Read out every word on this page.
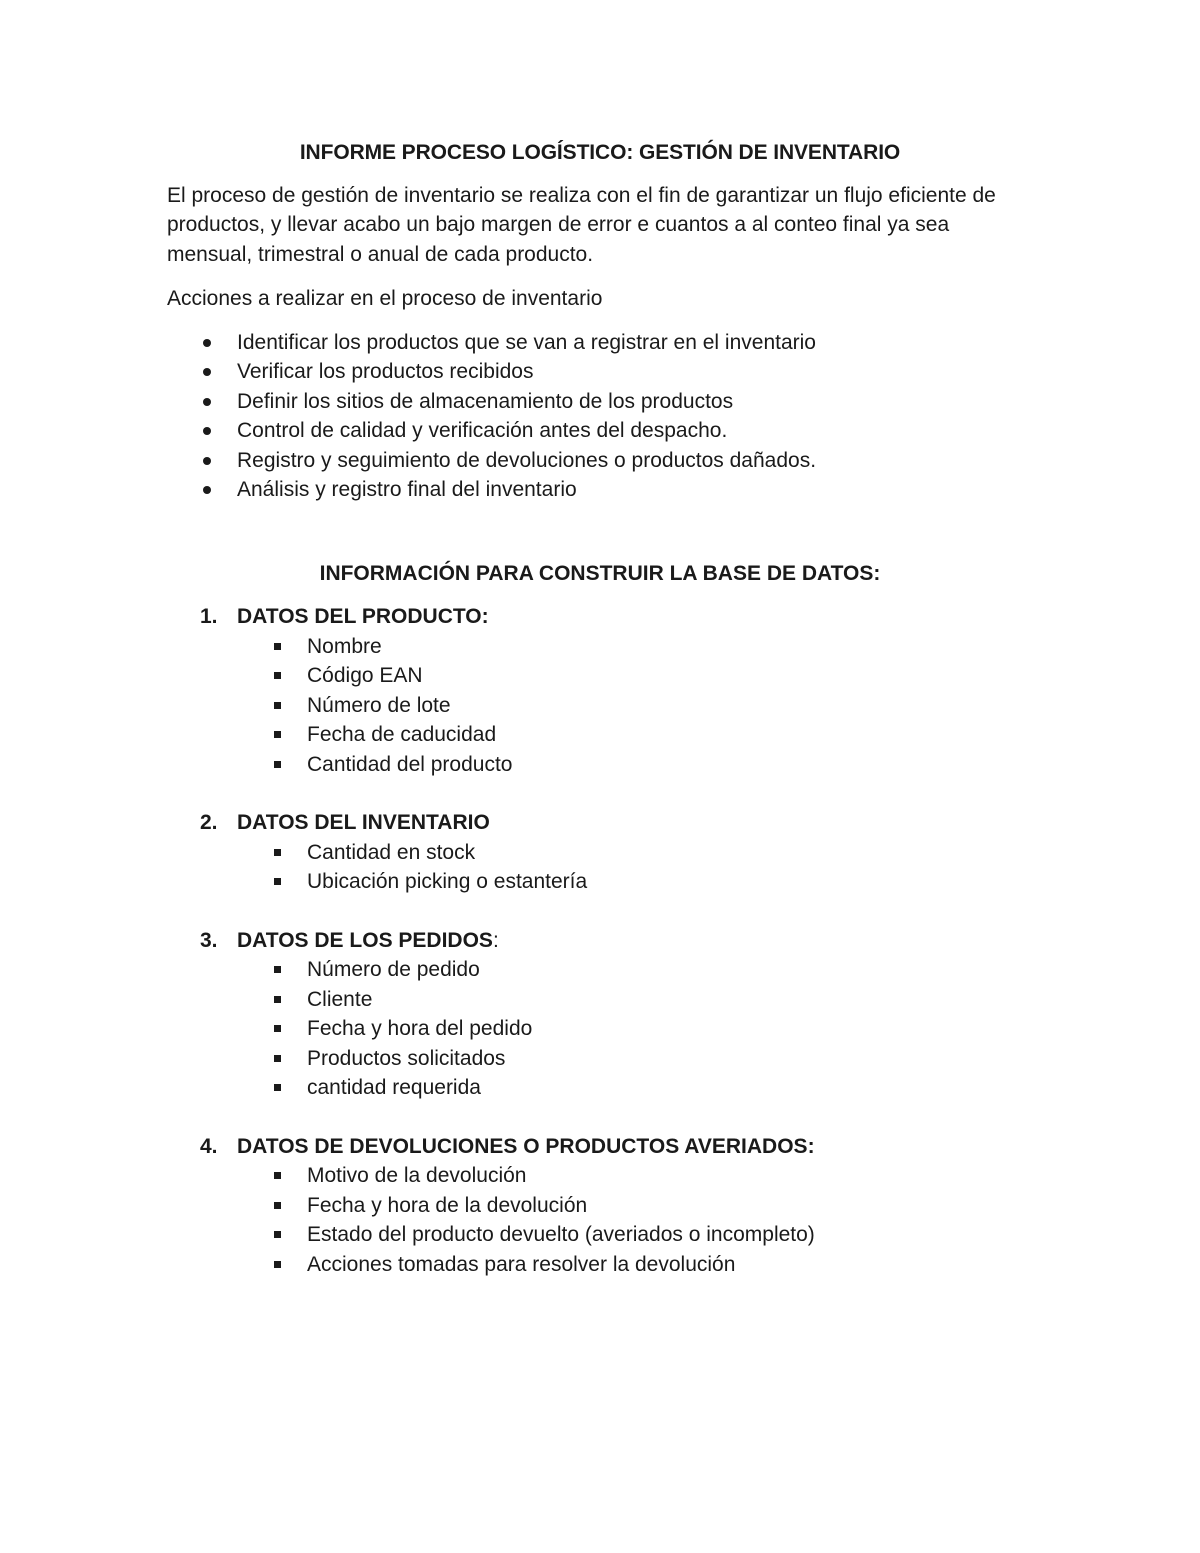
INFORME PROCESO LOGÍSTICO: GESTIÓN DE INVENTARIO

El proceso de gestión de inventario se realiza con el fin de garantizar un flujo eficiente de productos, y llevar acabo un bajo margen de error e cuantos a al conteo final ya sea mensual, trimestral o anual de cada producto.

Acciones a realizar en el proceso de inventario

Identificar los productos que se van a registrar en el inventario
Verificar los productos recibidos
Definir los sitios de almacenamiento de los productos
Control de calidad y verificación antes del despacho.
Registro y seguimiento de devoluciones o productos dañados.
Análisis y registro final del inventario
INFORMACIÓN PARA CONSTRUIR LA BASE DE DATOS:
1. DATOS DEL PRODUCTO:
Nombre
Código EAN
Número de lote
Fecha de caducidad
Cantidad del producto
2. DATOS DEL INVENTARIO
Cantidad en stock
Ubicación picking o estantería
3. DATOS DE LOS PEDIDOS:
Número de pedido
Cliente
Fecha y hora del pedido
Productos solicitados
cantidad requerida
4. DATOS DE DEVOLUCIONES O PRODUCTOS AVERIADOS:
Motivo de la devolución
Fecha y hora de la devolución
Estado del producto devuelto (averiados o incompleto)
Acciones tomadas para resolver la devolución
